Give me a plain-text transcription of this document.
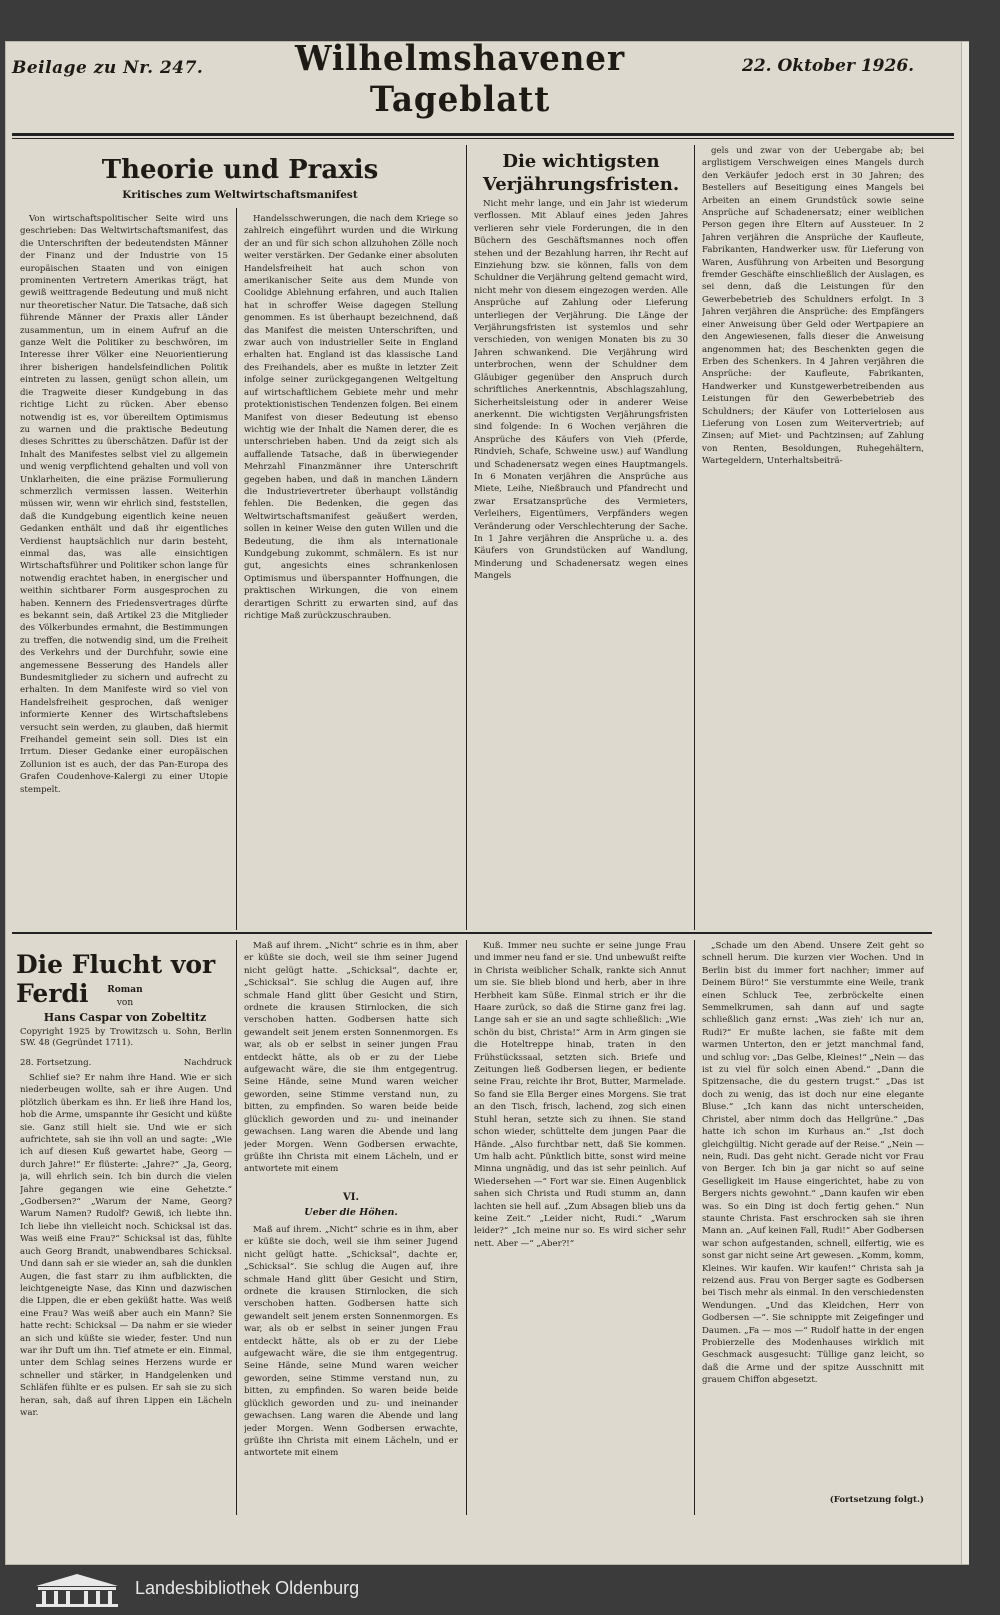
Beilage zu Nr. 247.	Wilhelmshavener Tageblatt
22. Oktober 1926.
Theorie und Praxis
Kritisches zum Weltwirtschaftsmanifest

Von wirtschaftspolitischer Seite wird uns geschrieben: Das Weltwirtschaftsmanifest, das die Unterschriften der bedeutendsten Männer der Finanz und der Industrie von 15 europäischen Staaten und von einigen prominenten Vertretern Amerikas trägt, hat gewiß weittragende Bedeutung und muß nicht nur theoretischer Natur. Die Tatsache, daß sich führende Männer der Praxis aller Länder zusammentun, um in einem Aufruf an die ganze Welt die Politiker zu beschwören, im Interesse ihrer Völker eine Neuorientierung ihrer bisherigen handelsfeindlichen Politik eintreten zu lassen, genügt schon allein, um die Tragweite dieser Kundgebung in das richtige Licht zu rücken. Aber ebenso notwendig ist es, vor übereiltem Optimismus zu warnen und die praktische Bedeutung dieses Schrittes zu überschätzen. Dafür ist der Inhalt des Manifestes selbst viel zu allgemein und wenig verpflichtend gehalten und voll von Unklarheiten, die eine präzise Formulierung schmerzlich vermissen lassen. Weiterhin müssen wir, wenn wir ehrlich sind, feststellen, daß die Kundgebung eigentlich keine neuen Gedanken enthält und daß ihr eigentliches Verdienst hauptsächlich nur darin besteht, einmal das, was alle einsichtigen Wirtschaftsführer und Politiker schon lange für notwendig erachtet haben, in energischer und weithin sichtbarer Form ausgesprochen zu haben. Kennern des Friedensvertrages dürfte es bekannt sein, daß Artikel 23 die Mitglieder des Völkerbundes ermahnt, die Bestimmungen zu treffen, die notwendig sind, um die Freiheit des Verkehrs und der Durchfuhr, sowie eine angemessene Besserung des Handels aller Bundesmitglieder zu sichern und aufrecht zu erhalten. In dem Manifeste wird so viel von Handelsfreiheit gesprochen, daß weniger informierte Kenner des Wirtschaftslebens versucht sein werden, zu glauben, daß hiermit Freihandel gemeint sein soll. Dies ist ein Irrtum. Dieser Gedanke einer europäischen Zollunion ist es auch, der das Pan-Europa des Grafen Coudenhove-Kalergi zu einer Utopie stempelt.

Handelsschwerungen, die nach dem Kriege so zahlreich eingeführt wurden und die Wirkung der an und für sich schon allzuhohen Zölle noch weiter verstärken. Der Gedanke einer absoluten Handelsfreiheit hat auch schon von amerikanischer Seite aus dem Munde von Coolidge Ablehnung erfahren, und auch Italien hat in schroffer Weise dagegen Stellung genommen. Es ist überhaupt bezeichnend, daß das Manifest die meisten Unterschriften, und zwar auch von industrieller Seite in England erhalten hat. England ist das klassische Land des Freihandels, aber es mußte in letzter Zeit infolge seiner zurückgegangenen Weltgeltung auf wirtschaftlichem Gebiete mehr und mehr protektionistischen Tendenzen folgen. Bei einem Manifest von dieser Bedeutung ist ebenso wichtig wie der Inhalt die Namen derer, die es unterschrieben haben. Und da zeigt sich als auffallende Tatsache, daß in überwiegender Mehrzahl Finanzmänner ihre Unterschrift gegeben haben, und daß in manchen Ländern die Industrievertreter überhaupt vollständig fehlen. Die Bedenken, die gegen das Weltwirtschaftsmanifest geäußert werden, sollen in keiner Weise den guten Willen und die Bedeutung, die ihm als internationale Kundgebung zukommt, schmälern. Es ist nur gut, angesichts eines schrankenlosen Optimismus und überspannter Hoffnungen, die praktischen Wirkungen, die von einem derartigen Schritt zu erwarten sind, auf das richtige Maß zurückzuschrauben.

Die wichtigsten Verjährungsfristen.

Nicht mehr lange, und ein Jahr ist wiederum verflossen. Mit Ablauf eines jeden Jahres verlieren sehr viele Forderungen, die in den Büchern des Geschäftsmannes noch offen stehen und der Bezahlung harren, ihr Recht auf Einziehung bzw. sie können, falls von dem Schuldner die Verjährung geltend gemacht wird, nicht mehr von diesem eingezogen werden. Alle Ansprüche auf Zahlung oder Lieferung unterliegen der Verjährung. Die Länge der Verjährungsfristen ist systemlos und sehr verschieden, von wenigen Monaten bis zu 30 Jahren schwankend. Die Verjährung wird unterbrochen, wenn der Schuldner dem Gläubiger gegenüber den Anspruch durch schriftliches Anerkenntnis, Abschlagszahlung, Sicherheitsleistung oder in anderer Weise anerkennt. Die wichtigsten Verjährungsfristen sind folgende: In 6 Wochen verjähren die Ansprüche des Käufers von Vieh (Pferde, Rindvieh, Schafe, Schweine usw.) auf Wandlung und Schadenersatz wegen eines Hauptmangels. In 6 Monaten verjähren die Ansprüche aus Miete, Leihe, Nießbrauch und Pfandrecht und zwar Ersatzansprüche des Vermieters, Verleihers, Eigentümers, Verpfänders wegen Veränderung oder Verschlechterung der Sache. In 1 Jahre verjähren die Ansprüche u. a. des Käufers von Grundstücken auf Wandlung, Minderung und Schadenersatz wegen eines Mangels

gels und zwar von der Uebergabe ab; bei arglistigem Verschweigen eines Mangels durch den Verkäufer jedoch erst in 30 Jahren; des Bestellers auf Beseitigung eines Mangels bei Arbeiten an einem Grundstück sowie seine Ansprüche auf Schadenersatz; einer weiblichen Person gegen ihre Eltern auf Aussteuer. In 2 Jahren verjähren die Ansprüche der Kaufleute, Fabrikanten, Handwerker usw. für Lieferung von Waren, Ausführung von Arbeiten und Besorgung fremder Geschäfte einschließlich der Auslagen, es sei denn, daß die Leistungen für den Gewerbebetrieb des Schuldners erfolgt. In 3 Jahren verjähren die Ansprüche: des Empfängers einer Anweisung über Geld oder Wertpapiere an den Angewiesenen, falls dieser die Anweisung angenommen hat; des Beschenkten gegen die Erben des Schenkers. In 4 Jahren verjähren die Ansprüche: der Kaufleute, Fabrikanten, Handwerker und Kunstgewerbetreibenden aus Leistungen für den Gewerbebetrieb des Schuldners; der Käufer von Lotterielosen aus Lieferung von Losen zum Weitervertrieb; auf Zinsen; auf Miet- und Pachtzinsen; auf Zahlung von Renten, Besoldungen, Ruhegehältern, Wartegeldern, Unterhaltsbeiträ-

Die Flucht vor Ferdi	Roman
von
Hans Caspar von Zobeltitz
Copyright 1925 by Trowitzsch u. Sohn, Berlin SW. 48 (Gegründet 1711).
28. Fortsetzung.	Nachdruck

Schlief sie? Er nahm ihre Hand. Wie er sich niederbeugen wollte, sah er ihre Augen. Und plötzlich überkam es ihn. Er ließ ihre Hand los, hob die Arme, umspannte ihr Gesicht und küßte sie. Ganz still hielt sie. Und wie er sich aufrichtete, sah sie ihn voll an und sagte: „Wie ich auf diesen Kuß gewartet habe, Georg — durch Jahre!“ Er flüsterte: „Jahre?“ „Ja, Georg, ja, will ehrlich sein. Ich bin durch die vielen Jahre gegangen wie eine Gehetzte.“ „Godbersen?“ „Warum der Name, Georg? Warum Namen? Rudolf? Gewiß, ich liebte ihn. Ich liebe ihn vielleicht noch. Schicksal ist das. Was weiß eine Frau?“ Schicksal ist das, fühlte auch Georg Brandt, unabwendbares Schicksal. Und dann sah er sie wieder an, sah die dunklen Augen, die fast starr zu ihm aufblickten, die leichtgeneigte Nase, das Kinn und dazwischen die Lippen, die er eben geküßt hatte. Was weiß eine Frau? Was weiß aber auch ein Mann? Sie hatte recht: Schicksal — Da nahm er sie wieder an sich und küßte sie wieder, fester. Und nun war ihr Duft um ihn. Tief atmete er ein. Einmal, unter dem Schlag seines Herzens wurde er schneller und stärker, in Handgelenken und Schläfen fühlte er es pulsen. Er sah sie zu sich heran, sah, daß auf ihren Lippen ein Lächeln war.

Maß auf ihrem. „Nicht“ schrie es in ihm, aber er küßte sie doch, weil sie ihm seiner Jugend nicht gelügt hatte. „Schicksal“, dachte er, „Schicksal“. Sie schlug die Augen auf, ihre schmale Hand glitt über Gesicht und Stirn, ordnete die krausen Stirnlocken, die sich verschoben hatten. Godbersen hatte sich gewandelt seit jenem ersten Sonnenmorgen. Es war, als ob er selbst in seiner jungen Frau entdeckt hätte, als ob er zu der Liebe aufgewacht wäre, die sie ihm entgegentrug. Seine Hände, seine Mund waren weicher geworden, seine Stimme verstand nun, zu bitten, zu empfinden. So waren beide beide glücklich geworden und zu- und ineinander gewachsen. Lang waren die Abende und lang jeder Morgen. Wenn Godbersen erwachte, grüßte ihn Christa mit einem Lächeln, und er antwortete mit einem

VI.
Ueber die Höhen.

Maß auf ihrem. „Nicht“ schrie es in ihm, aber er küßte sie doch, weil sie ihm seiner Jugend nicht gelügt hatte. „Schicksal“, dachte er, „Schicksal“. Sie schlug die Augen auf, ihre schmale Hand glitt über Gesicht und Stirn, ordnete die krausen Stirnlocken, die sich verschoben hatten. Godbersen hatte sich gewandelt seit jenem ersten Sonnenmorgen. Es war, als ob er selbst in seiner jungen Frau entdeckt hätte, als ob er zu der Liebe aufgewacht wäre, die sie ihm entgegentrug. Seine Hände, seine Mund waren weicher geworden, seine Stimme verstand nun, zu bitten, zu empfinden. So waren beide beide glücklich geworden und zu- und ineinander gewachsen. Lang waren die Abende und lang jeder Morgen. Wenn Godbersen erwachte, grüßte ihn Christa mit einem Lächeln, und er antwortete mit einem

Kuß. Immer neu suchte er seine junge Frau und immer neu fand er sie. Und unbewußt reifte in Christa weiblicher Schalk, rankte sich Annut um sie. Sie blieb blond und herb, aber in ihre Herbheit kam Süße. Einmal strich er ihr die Haare zurück, so daß die Stirne ganz frei lag. Lange sah er sie an und sagte schließlich: „Wie schön du bist, Christa!“ Arm in Arm gingen sie die Hoteltreppe hinab, traten in den Frühstückssaal, setzten sich. Briefe und Zeitungen ließ Godbersen liegen, er bediente seine Frau, reichte ihr Brot, Butter, Marmelade. So fand sie Ella Berger eines Morgens. Sie trat an den Tisch, frisch, lachend, zog sich einen Stuhl heran, setzte sich zu ihnen. Sie stand schon wieder, schüttelte dem jungen Paar die Hände. „Also furchtbar nett, daß Sie kommen. Um halb acht. Pünktlich bitte, sonst wird meine Minna ungnädig, und das ist sehr peinlich. Auf Wiedersehen —“ Fort war sie. Einen Augenblick sahen sich Christa und Rudi stumm an, dann lachten sie hell auf. „Zum Absagen blieb uns da keine Zeit.“ „Leider nicht, Rudi.“ „Warum leider?“ „Ich meine nur so. Es wird sicher sehr nett. Aber —“ „Aber?!“

„Schade um den Abend. Unsere Zeit geht so schnell herum. Die kurzen vier Wochen. Und in Berlin bist du immer fort nachher; immer auf Deinem Büro!“ Sie verstummte eine Weile, trank einen Schluck Tee, zerbröckelte einen Semmelkrumen, sah dann auf und sagte schließlich ganz ernst: „Was zieh' ich nur an, Rudi?“ Er mußte lachen, sie faßte mit dem warmen Unterton, den er jetzt manchmal fand, und schlug vor: „Das Gelbe, Kleines!“ „Nein — das ist zu viel für solch einen Abend.“ „Dann die Spitzensache, die du gestern trugst.“ „Das ist doch zu wenig, das ist doch nur eine elegante Bluse.“ „Ich kann das nicht unterscheiden, Christel, aber nimm doch das Hellgrüne.“ „Das hatte ich schon im Kurhaus an.“ „Ist doch gleichgültig. Nicht gerade auf der Reise.“ „Nein — nein, Rudi. Das geht nicht. Gerade nicht vor Frau von Berger. Ich bin ja gar nicht so auf seine Geselligkeit im Hause eingerichtet, habe zu von Bergers nichts gewohnt.“ „Dann kaufen wir eben was. So ein Ding ist doch fertig gehen.“ Nun staunte Christa. Fast erschrocken sah sie ihren Mann an. „Auf keinen Fall, Rudi!“ Aber Godbersen war schon aufgestanden, schnell, eilfertig, wie es sonst gar nicht seine Art gewesen. „Komm, komm, Kleines. Wir kaufen. Wir kaufen!“ Christa sah ja reizend aus. Frau von Berger sagte es Godbersen bei Tisch mehr als einmal. In den verschiedensten Wendungen. „Und das Kleidchen, Herr von Godbersen —“. Sie schnippte mit Zeigefinger und Daumen. „Fa — mos —“ Rudolf hatte in der engen Probierzelle des Modenhauses wirklich mit Geschmack ausgesucht: Tüllige ganz leicht, so daß die Arme und der spitze Ausschnitt mit grauem Chiffon abgesetzt.

(Fortsetzung folgt.)
Landesbibliothek Oldenburg
